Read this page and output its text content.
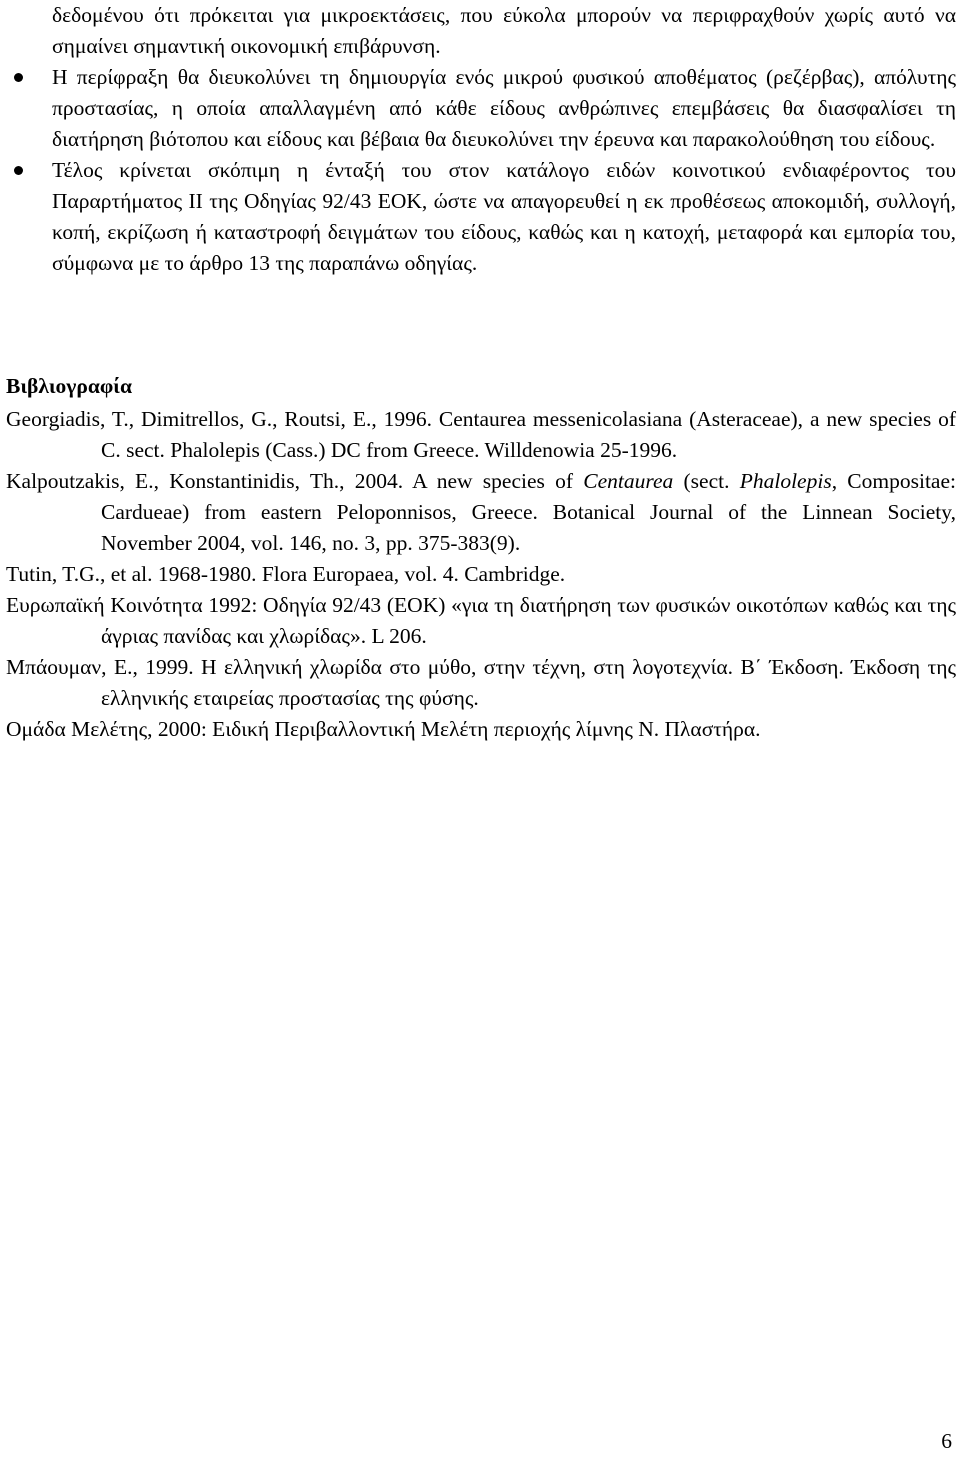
δεδομένου ότι πρόκειται για μικροεκτάσεις, που εύκολα μπορούν να περιφραχθούν χωρίς αυτό να σημαίνει σημαντική οικονομική επιβάρυνση.

Η περίφραξη θα διευκολύνει τη δημιουργία ενός μικρού φυσικού αποθέματος (ρεζέρβας), απόλυτης προστασίας, η οποία απαλλαγμένη από κάθε είδους ανθρώπινες επεμβάσεις θα διασφαλίσει τη διατήρηση βιότοπου και είδους και βέβαια θα διευκολύνει την έρευνα και παρακολούθηση του είδους.
Τέλος κρίνεται σκόπιμη η ένταξή του στον κατάλογο ειδών κοινοτικού ενδιαφέροντος του Παραρτήματος ΙΙ της Οδηγίας 92/43 ΕΟΚ, ώστε να απαγορευθεί η εκ προθέσεως αποκομιδή, συλλογή, κοπή, εκρίζωση ή καταστροφή δειγμάτων του είδους, καθώς και η κατοχή, μεταφορά και εμπορία του, σύμφωνα με το άρθρο 13 της παραπάνω οδηγίας.
Βιβλιογραφία

Georgiadis, T., Dimitrellos, G., Routsi, E., 1996. Centaurea messenicolasiana (Asteraceae), a new species of C. sect. Phalolepis (Cass.) DC from Greece. Willdenowia 25-1996.

Kalpoutzakis, E., Konstantinidis, Th., 2004. A new species of Centaurea (sect. Phalolepis, Compositae: Cardueae) from eastern Peloponnisos, Greece. Botanical Journal of the Linnean Society, November 2004, vol. 146, no. 3, pp. 375-383(9).

Tutin, T.G., et al. 1968-1980. Flora Europaea, vol. 4. Cambridge.

Ευρωπαϊκή Κοινότητα 1992: Οδηγία 92/43 (ΕΟΚ) «για τη διατήρηση των φυσικών οικοτόπων καθώς και της άγριας πανίδας και χλωρίδας». L 206.

Μπάουμαν, Ε., 1999. Η ελληνική χλωρίδα στο μύθο, στην τέχνη, στη λογοτεχνία. Β΄ Έκδοση. Έκδοση της ελληνικής εταιρείας προστασίας της φύσης.

Ομάδα Μελέτης, 2000: Ειδική Περιβαλλοντική Μελέτη περιοχής λίμνης Ν. Πλαστήρα.

6
